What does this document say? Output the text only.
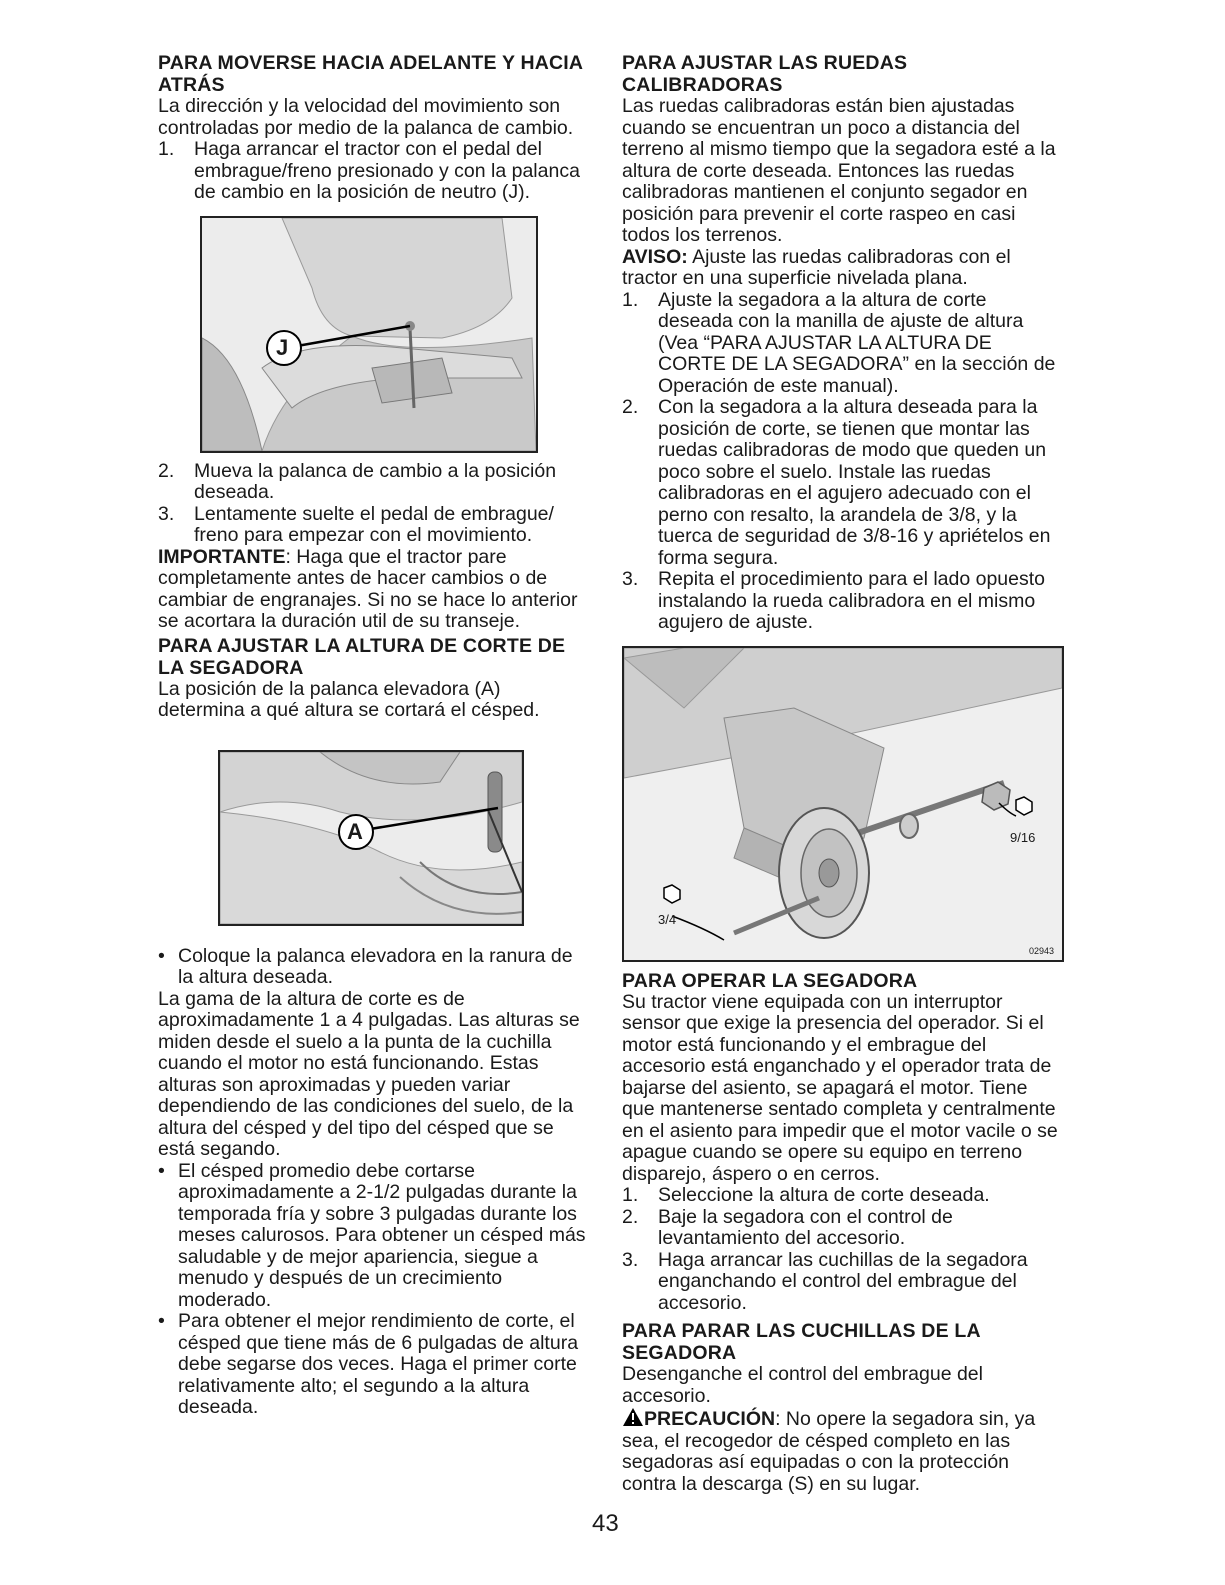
PARA MOVERSE HACIA ADELANTE Y HACIA ATRÁS

La dirección y la velocidad del movimiento son controladas por medio de la palanca de cambio.

1.	Haga arrancar el tractor con el pedal del embrague/freno presionado y con la palanca de cambio en la posición de neutro (J).
J
2.	Mueva la palanca de cambio a la posición deseada.
3.	Lentamente suelte el pedal de embrague/ freno para empezar con el movimiento.

IMPORTANTE: Haga que el tractor pare completamente antes de hacer cambios o de cambiar de engranajes. Si no se hace lo anterior se acortara la duración util de su transeje.

PARA AJUSTAR LA ALTURA DE CORTE DE LA SEGADORA

La posición de la palanca elevadora (A) determina a qué altura se cortará el césped.

A
• Coloque la palanca elevadora en la ranura de la altura deseada.

La gama de la altura de corte es de aproximadamente 1 a 4 pulgadas. Las alturas se miden desde el suelo a la punta de la cuchilla cuando el motor no está funcionando. Estas alturas son aproximadas y pueden variar dependiendo de las condiciones del suelo, de la altura del césped y del tipo del césped que se está segando.

• El césped promedio debe cortarse aproximadamente a 2-1/2 pulgadas durante la temporada fría y sobre 3 pulgadas durante los meses calurosos. Para obtener un césped más saludable y de mejor apariencia, siegue a menudo y después de un crecimiento moderado.
• Para obtener el mejor rendimiento de corte, el césped que tiene más de 6 pulgadas de altura debe segarse dos veces. Haga el primer corte relativamente alto; el segundo a la altura deseada.

PARA AJUSTAR LAS RUEDAS CALIBRADORAS

Las ruedas calibradoras están bien ajustadas cuando se encuentran un poco a distancia del terreno al mismo tiempo que la segadora esté a la altura de corte deseada. Entonces las ruedas calibradoras mantienen el conjunto segador en posición para prevenir el corte raspeo en casi todos los terrenos.

AVISO: Ajuste las ruedas calibradoras con el tractor en una superficie nivelada plana.

1.	Ajuste la segadora a la altura de corte deseada con la manilla de ajuste de altura (Vea “PARA AJUSTAR LA ALTURA DE CORTE DE LA SEGADORA” en la sección de Operación de este manual).
2.	Con la segadora a la altura deseada para la posición de corte, se tienen que montar las ruedas calibradoras de modo que queden un poco sobre el suelo. Instale las ruedas calibradoras en el agujero adecuado con el perno con resalto, la arandela de 3/8, y la tuerca de seguridad de 3/8-16 y apriételos en forma segura.
3.	Repita el procedimiento para el lado opuesto instalando la rueda calibradora en el mismo agujero de ajuste.
9/16
3/4
02943

PARA OPERAR LA SEGADORA

Su tractor viene equipada con un interruptor sensor que exige la presencia del operador. Si el motor está funcionando y el embrague del accesorio está enganchado y el operador trata de bajarse del asiento, se apagará el motor. Tiene que mantenerse sentado completa y centralmente en el asiento para impedir que el motor vacile o se apague cuando se opere su equipo en terreno disparejo, áspero o en cerros.

1.	Seleccione la altura de corte deseada.
2.	Baje la segadora con el control de levantamiento del accesorio.
3.	Haga arrancar las cuchillas de la segadora enganchando el control del embrague del accesorio.

PARA PARAR LAS CUCHILLAS DE LA SEGADORA

Desenganche el control del embrague del accesorio.

PRECAUCIÓN: No opere la segadora sin, ya sea, el recogedor de césped completo en las segadoras así equipadas o con la protección contra la descarga (S) en su lugar.

43
